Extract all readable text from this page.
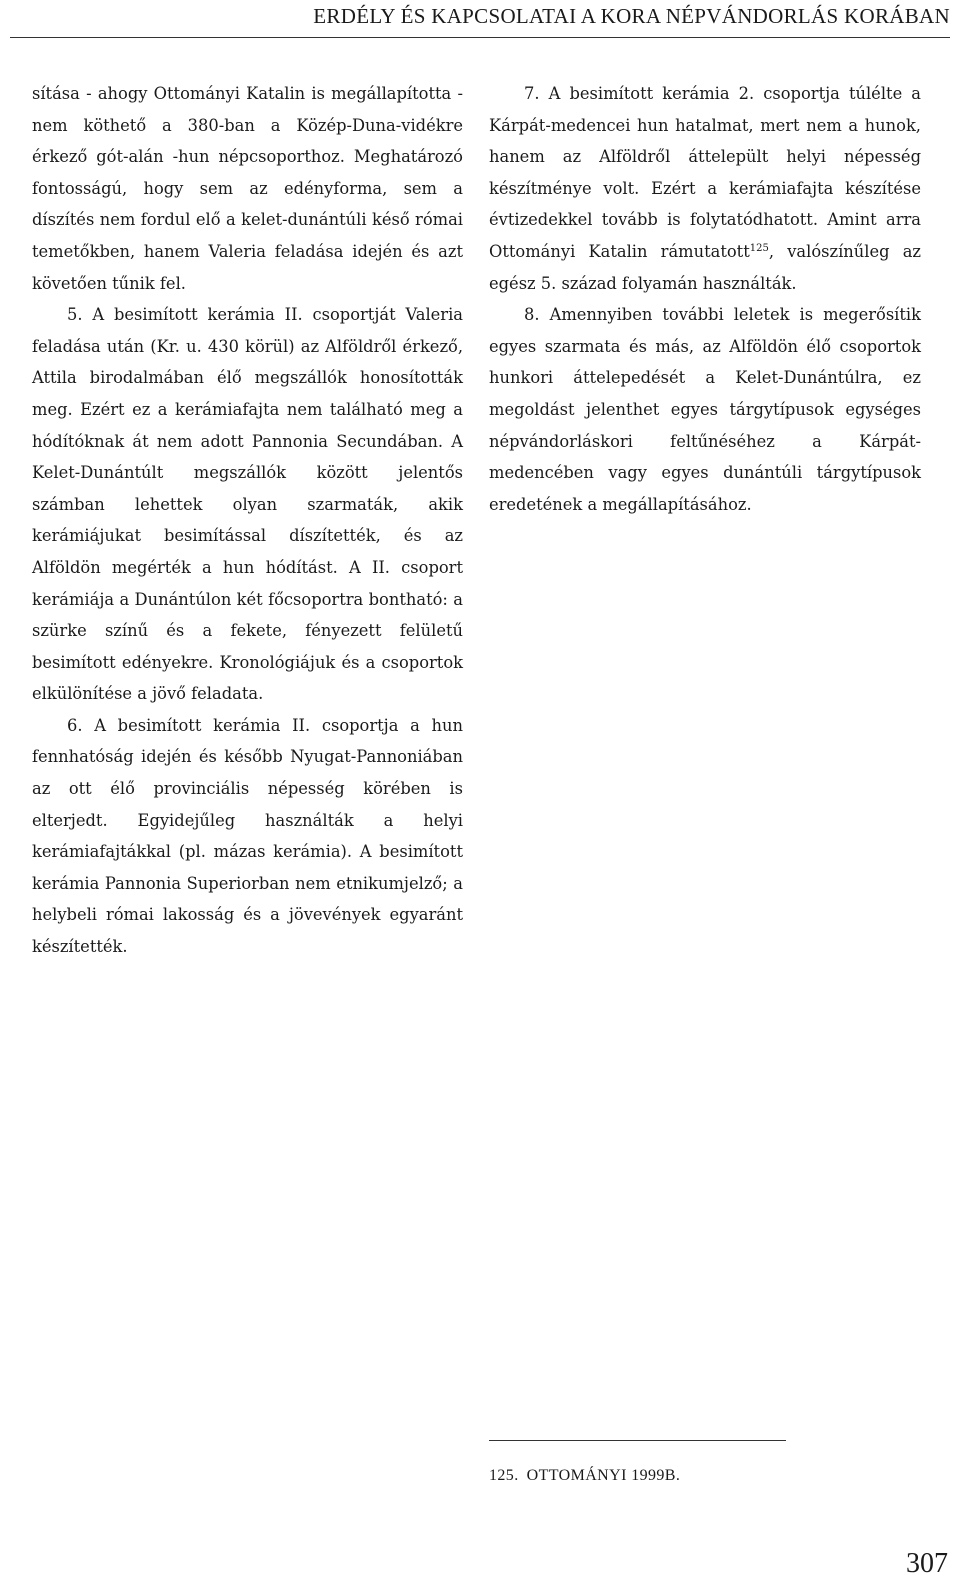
ERDÉLY ÉS KAPCSOLATAI A KORA NÉPVÁNDORLÁS KORÁBAN

sítása - ahogy Ottományi Katalin is megállapította - nem köthető a 380-ban a Közép-Duna-vidékre érkező gót-alán -hun népcsoporthoz. Meghatározó fontosságú, hogy sem az edényforma, sem a díszítés nem fordul elő a kelet-dunántúli késő római temetőkben, hanem Valeria feladása idején és azt követően tűnik fel.

5. A besimított kerámia II. csoportját Valeria feladása után (Kr. u. 430 körül) az Alföldről érkező, Attila birodalmában élő megszállók honosították meg. Ezért ez a kerámiafajta nem található meg a hódítóknak át nem adott Pannonia Secundában. A Kelet-Dunántúlt megszállók között jelentős számban lehettek olyan szarmaták, akik kerámiájukat besimítással díszítették, és az Alföldön megérték a hun hódítást. A II. csoport kerámiája a Dunántúlon két főcsoportra bontható: a szürke színű és a fekete, fényezett felületű besimított edényekre. Kronológiájuk és a csoportok elkülönítése a jövő feladata.

6. A besimított kerámia II. csoportja a hun fennhatóság idején és később Nyugat-Pannoniában az ott élő provinciális népesség körében is elterjedt. Egyidejűleg használták a helyi kerámiafajtákkal (pl. mázas kerámia). A besimított kerámia Pannonia Superiorban nem etnikumjelző; a helybeli római lakosság és a jövevények egyaránt készítették.

7. A besimított kerámia 2. csoportja túlélte a Kárpát-medencei hun hatalmat, mert nem a hunok, hanem az Alföldről áttelepült helyi népesség készítménye volt. Ezért a kerámiafajta készítése évtizedekkel tovább is folytatódhatott. Amint arra Ottományi Katalin rámutatott$^{125}$, valószínűleg az egész 5. század folyamán használták.

8. Amennyiben további leletek is megerősítik egyes szarmata és más, az Alföldön élő csoportok hunkori áttelepedését a Kelet-Dunántúlra, ez megoldást jelenthet egyes tárgytípusok egységes népvándorláskori feltűnéséhez a Kárpát-medencében vagy egyes dunántúli tárgytípusok eredetének a megállapításához.

125. OTTOMÁNYI 1999B.
307
